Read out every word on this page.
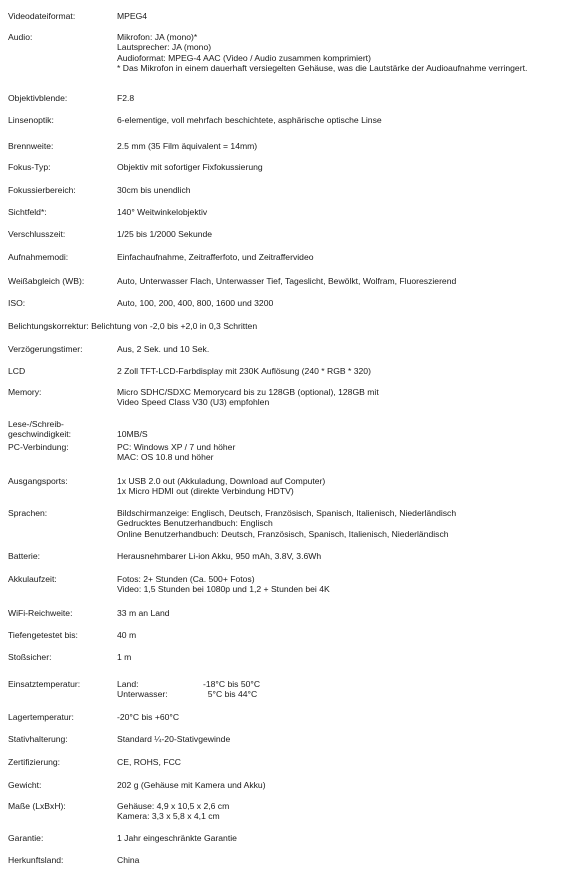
Videodateiformat:	MPEG4
Audio:	Mikrofon: JA (mono)*
Lautsprecher: JA (mono)
Audioformat: MPEG-4 AAC (Video / Audio zusammen komprimiert)
* Das Mikrofon in einem dauerhaft versiegelten Gehäuse, was die Lautstärke der Audioaufnahme verringert.
Objektivblende:	F2.8
Linsenoptik:	6-elementige, voll mehrfach beschichtete, asphärische optische Linse
Brennweite:	2.5 mm (35 Film äquivalent = 14mm)
Fokus-Typ:	Objektiv mit sofortiger Fixfokussierung
Fokussierbereich:	30cm bis unendlich
Sichtfeld*:	140° Weitwinkelobjektiv
Verschlusszeit:	1/25 bis 1/2000 Sekunde
Aufnahmemodi:	Einfachaufnahme, Zeitrafferfoto, und Zeitraffervideo
Weißabgleich (WB):	Auto, Unterwasser Flach, Unterwasser Tief, Tageslicht, Bewölkt, Wolfram, Fluoreszierend
ISO:	Auto, 100, 200, 400, 800, 1600 und 3200
Belichtungskorrektur: Belichtung von -2,0 bis +2,0 in 0,3 Schritten
Verzögerungstimer:	Aus, 2 Sek. und 10 Sek.
LCD	2 Zoll TFT-LCD-Farbdisplay mit 230K Auflösung (240 * RGB * 320)
Memory:	Micro SDHC/SDXC Memorycard bis zu 128GB (optional), 128GB mit
Video Speed Class V30 (U3) empfohlen
Lese-/Schreib-
geschwindigkeit:	10MB/S
PC-Verbindung:	PC: Windows XP / 7 und höher
MAC: OS 10.8 und höher
Ausgangsports:	1x USB 2.0 out (Akkuladung, Download auf Computer)
1x Micro HDMI out (direkte Verbindung HDTV)
Sprachen:	Bildschirmanzeige: Englisch, Deutsch, Französisch, Spanisch, Italienisch, Niederländisch
Gedrucktes Benutzerhandbuch: Englisch
Online Benutzerhandbuch: Deutsch, Französisch, Spanisch, Italienisch, Niederländisch
Batterie:	Herausnehmbarer Li-ion Akku, 950 mAh, 3.8V, 3.6Wh
Akkulaufzeit:	Fotos: 2+ Stunden (Ca. 500+ Fotos)
Video: 1,5 Stunden bei 1080p und 1,2 + Stunden bei 4K
WiFi-Reichweite:	33 m an Land
Tiefengetestet bis:	40 m
Stoßsicher:	1 m
Einsatztemperatur:	Land:	-18°C bis 50°C
Unterwasser:	5°C bis 44°C
Lagertemperatur:	-20°C bis +60°C
Stativhalterung:	Standard ¼-20-Stativgewinde
Zertifizierung:	CE, ROHS, FCC
Gewicht:	202 g (Gehäuse mit Kamera und Akku)
Maße (LxBxH):	Gehäuse: 4,9 x 10,5 x 2,6 cm
Kamera: 3,3 x 5,8 x 4,1 cm
Garantie:	1 Jahr eingeschränkte Garantie
Herkunftsland:	China
